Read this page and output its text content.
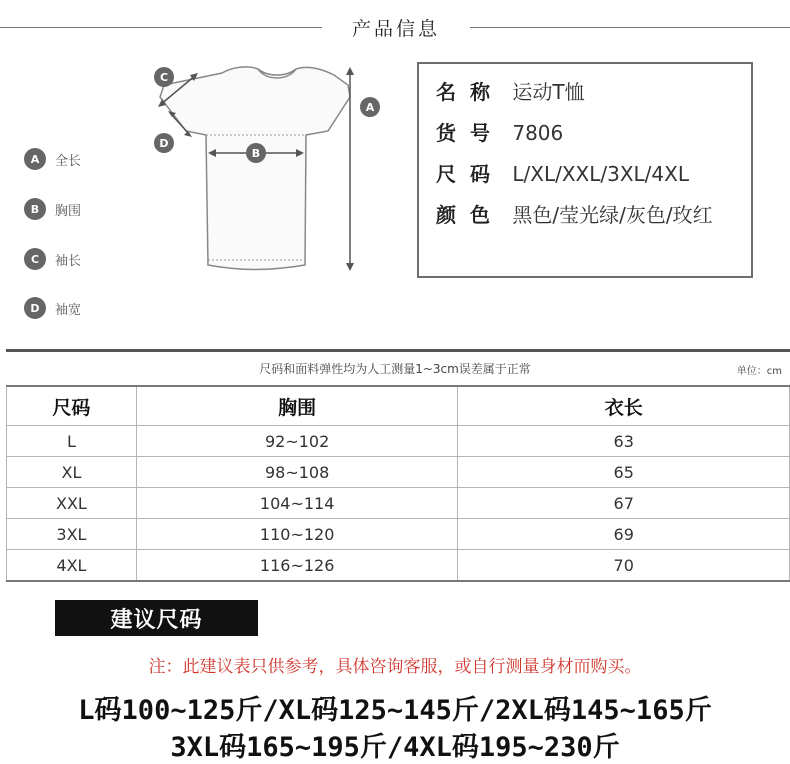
产品信息
C
D
B
A
A	全长
B	胸围
C	袖长
D	袖宽
名称 运动T恤
货号 7806
尺码 L/XL/XXL/3XL/4XL
颜色 黑色/莹光绿/灰色/玫红
尺码和面料弹性均为人工测量1~3cm误差属于正常	单位：cm
尺码	胸围	衣长
L	92~102	63
XL	98~108	65
XXL	104~114	67
3XL	110~120	69
4XL	116~126	70
建议尺码
注：此建议表只供参考，具体咨询客服，或自行测量身材而购买。
L码100~125斤/XL码125~145斤/2XL码145~165斤
3XL码165~195斤/4XL码195~230斤
